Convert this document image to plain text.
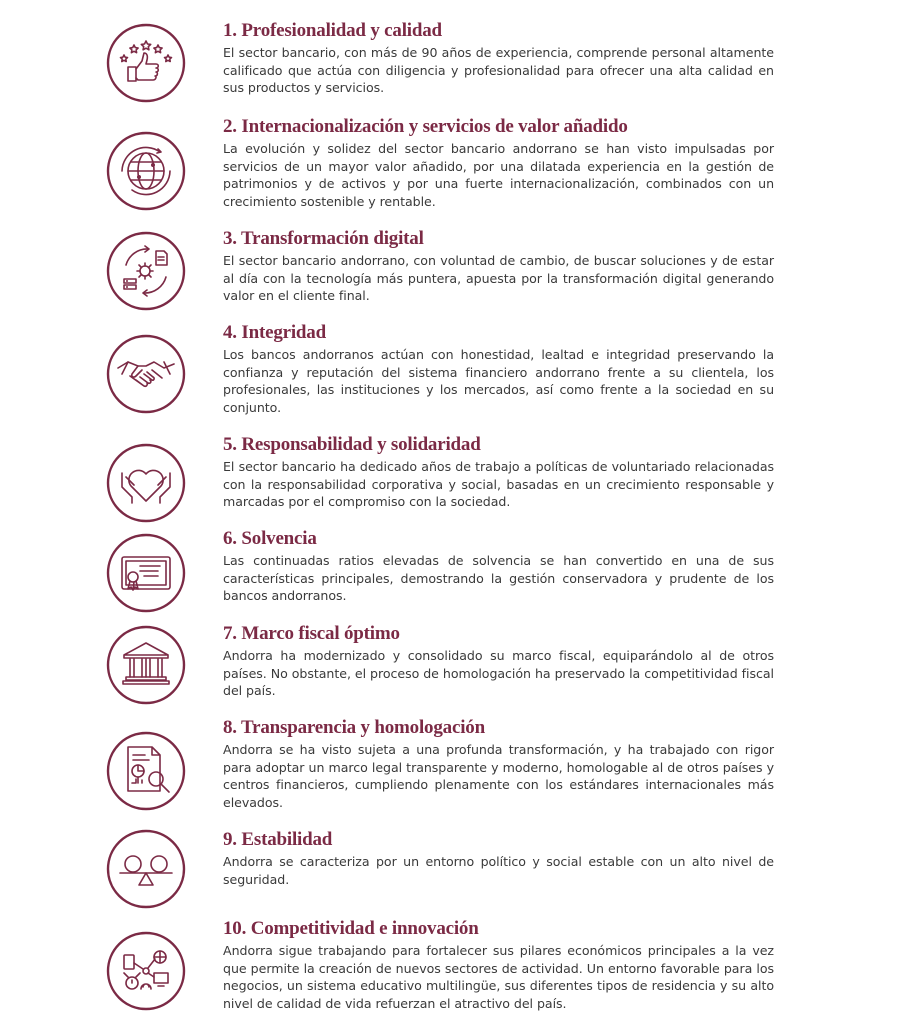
1. Profesionalidad y calidad

El sector bancario, con más de 90 años de experiencia, comprende personal altamente calificado que actúa con diligencia y profesionalidad para ofrecer una alta calidad en sus productos y servicios.

2. Internacionalización y servicios de valor añadido

La evolución y solidez del sector bancario andorrano se han visto impulsadas por servicios de un mayor valor añadido, por una dilatada experiencia en la gestión de patrimonios y de activos y por una fuerte internacionalización, combinados con un crecimiento sostenible y rentable.

3. Transformación digital

El sector bancario andorrano, con voluntad de cambio, de buscar soluciones y de estar al día con la tecnología más puntera, apuesta por la transformación digital generando valor en el cliente final.

4. Integridad

Los bancos andorranos actúan con honestidad, lealtad e integridad preservando la confianza y reputación del sistema financiero andorrano frente a su clientela, los profesionales, las instituciones y los mercados, así como frente a la sociedad en su conjunto.

5. Responsabilidad y solidaridad

El sector bancario ha dedicado años de trabajo a políticas de voluntariado relacionadas con la responsabilidad corporativa y social, basadas en un crecimiento responsable y marcadas por el compromiso con la sociedad.

6. Solvencia

Las continuadas ratios elevadas de solvencia se han convertido en una de sus características principales, demostrando la gestión conservadora y prudente de los bancos andorranos.

7. Marco fiscal óptimo

Andorra ha modernizado y consolidado su marco fiscal, equiparándolo al de otros países. No obstante, el proceso de homologación ha preservado la competitividad fiscal del país.

8. Transparencia y homologación

Andorra se ha visto sujeta a una profunda transformación, y ha trabajado con rigor para adoptar un marco legal transparente y moderno, homologable al de otros países y centros financieros, cumpliendo plenamente con los estándares internacionales más elevados.

9. Estabilidad

Andorra se caracteriza por un entorno político y social estable con un alto nivel de seguridad.

10. Competitividad e innovación

Andorra sigue trabajando para fortalecer sus pilares económicos principales a la vez que permite la creación de nuevos sectores de actividad. Un entorno favorable para los negocios, un sistema educativo multilingüe, sus diferentes tipos de residencia y su alto nivel de calidad de vida refuerzan el atractivo del país.
